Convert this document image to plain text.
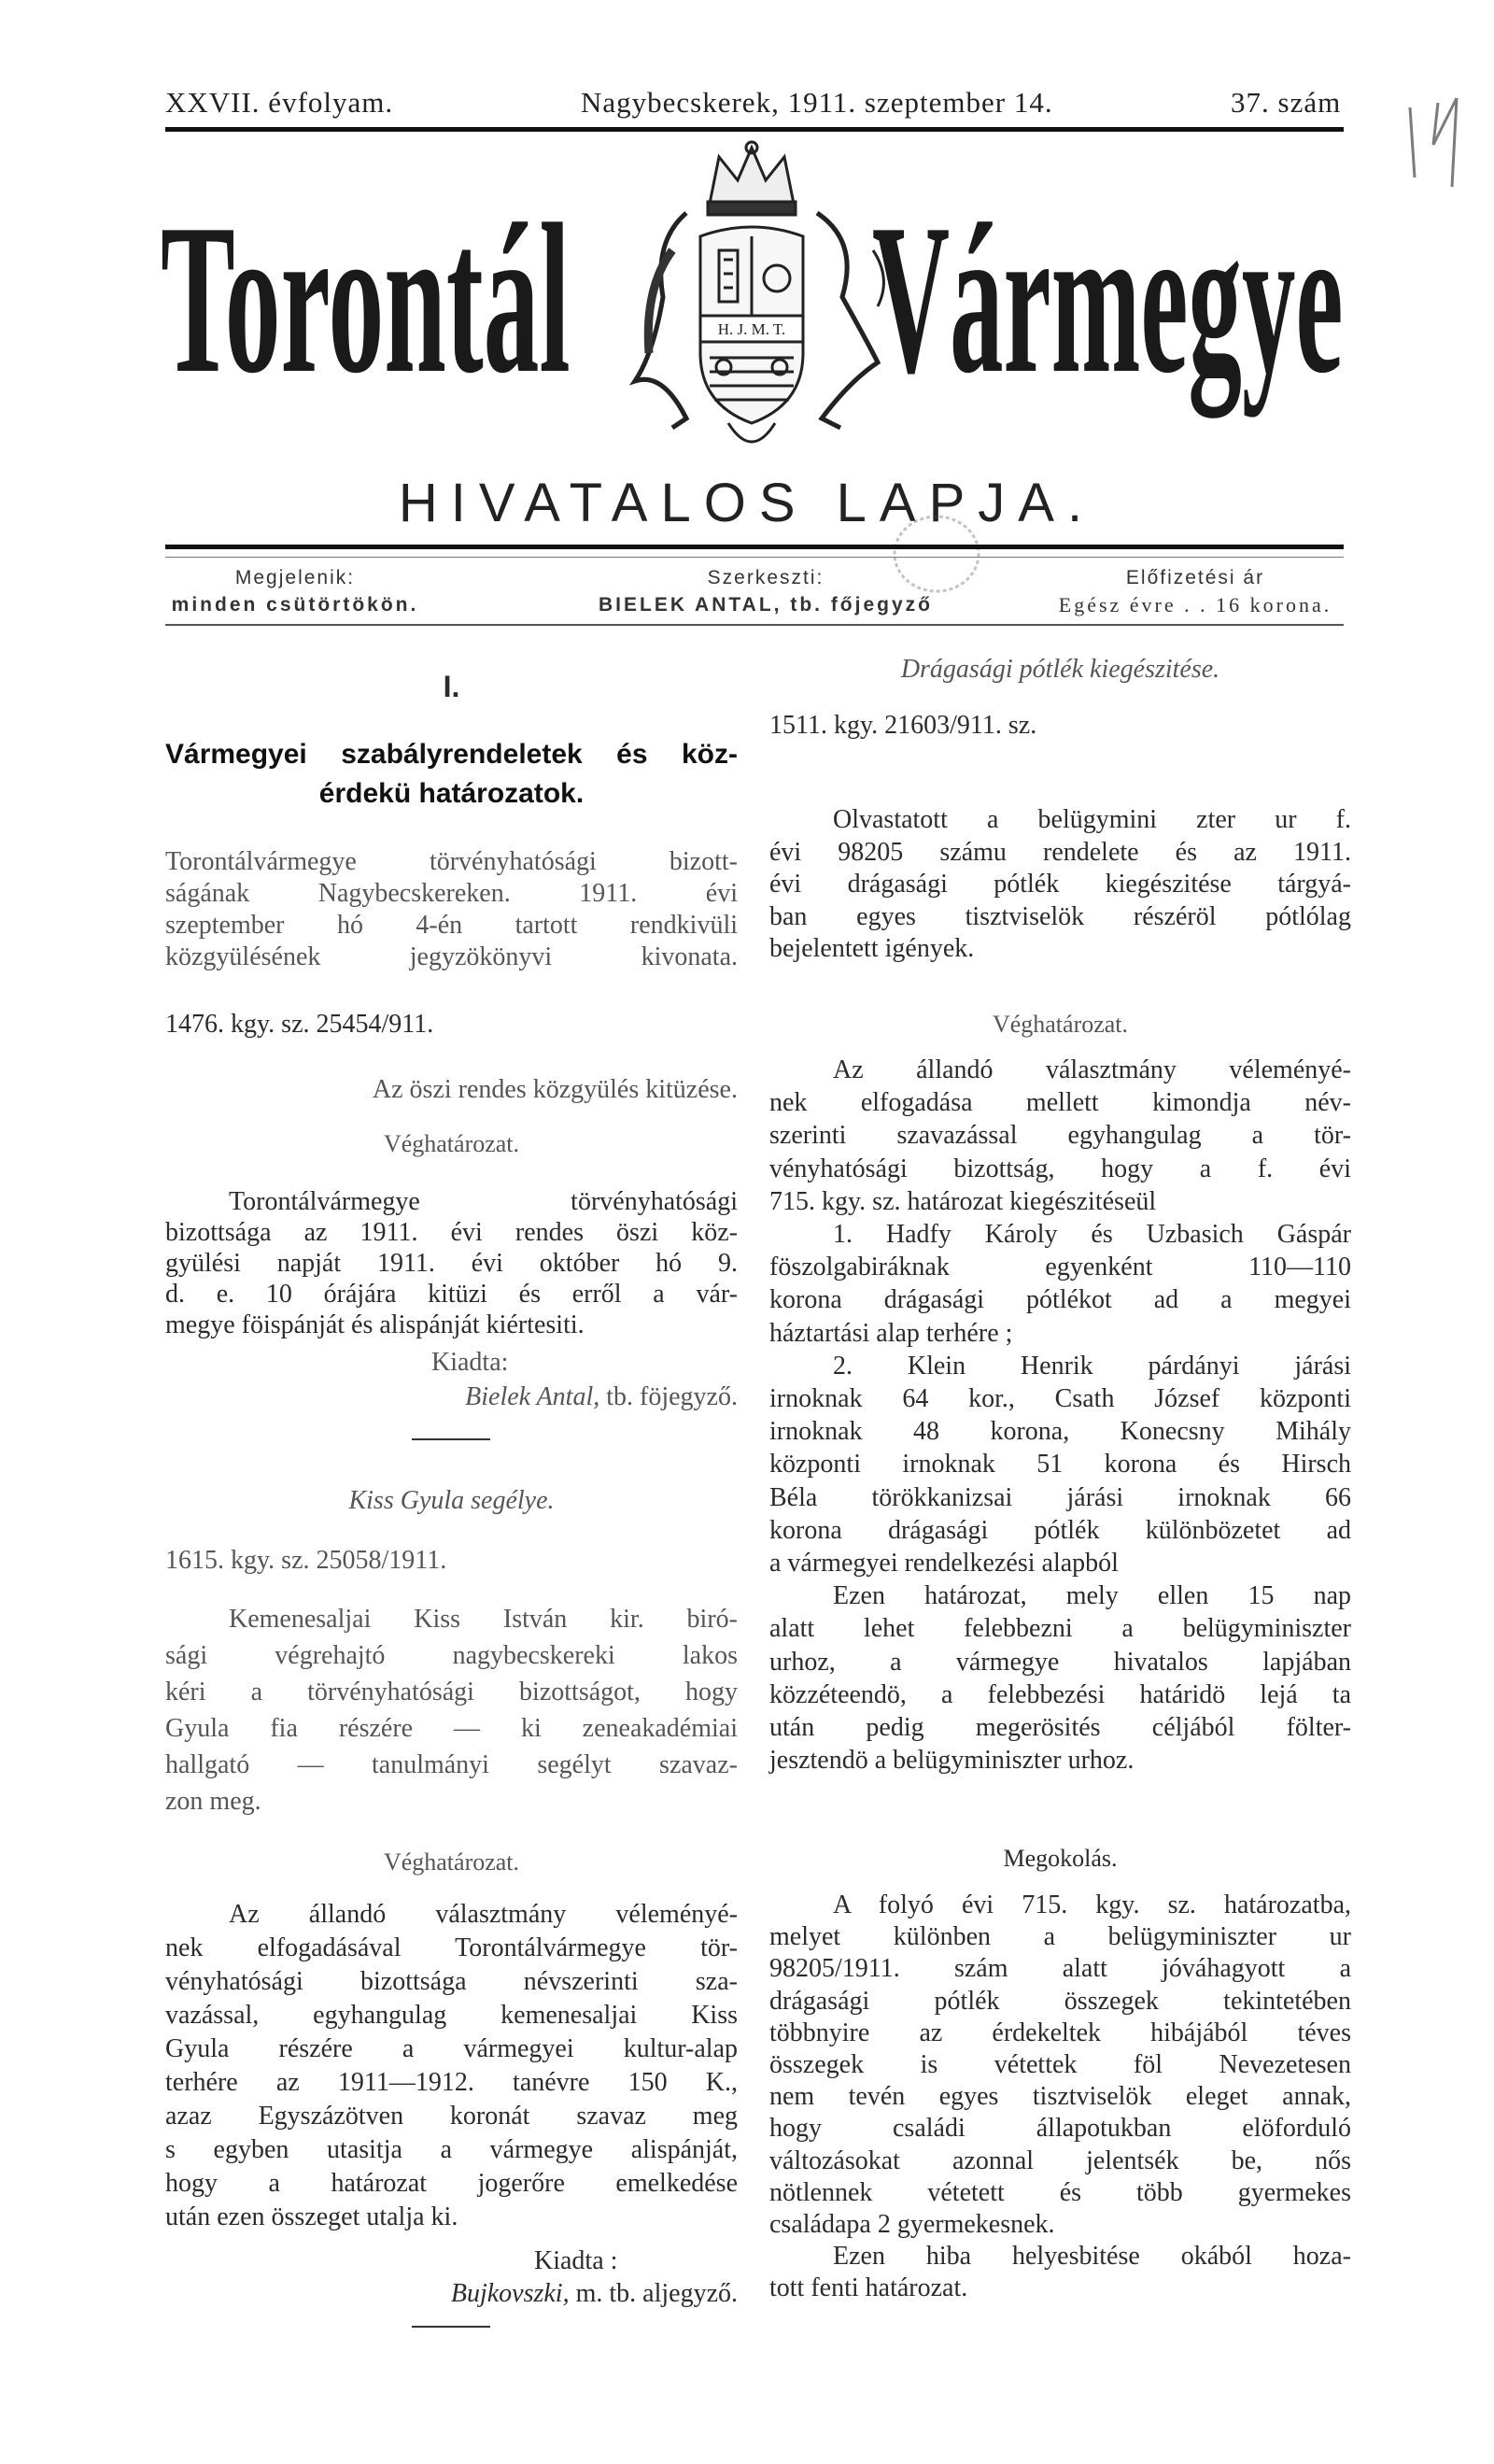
XXVII. évfolyam.	Nagybecskerek, 1911. szeptember 14.	37. szám
Torontál Vármegye
H. J. M. T.
HIVATALOS LAPJA.
Megjelenik:
minden csütörtökön.
Szerkeszti:
BIELEK ANTAL, tb. főjegyző
Előfizetési ár
Egész évre . . 16 korona.
I.
Vármegyei szabályrendeletek és köz-
érdekü határozatok.
Torontálvármegye törvényhatósági bizott-
ságának Nagybecskereken. 1911. évi
szeptember hó 4-én tartott rendkivüli
közgyülésének jegyzökönyvi kivonata.
1476. kgy. sz. 25454/911.
Az öszi rendes közgyülés kitüzése.
Véghatározat.
Torontálvármegye törvényhatósági
bizottsága az 1911. évi rendes öszi köz-
gyülési napját 1911. évi október hó 9.
d. e. 10 órájára kitüzi és erről a vár-
megye föispánját és alispánját kiértesiti.
Kiadta:
Bielek Antal, tb. föjegyző.
Kiss Gyula segélye.
1615. kgy. sz. 25058/1911.
Kemenesaljai Kiss István kir. biró-
sági végrehajtó nagybecskereki lakos
kéri a törvényhatósági bizottságot, hogy
Gyula fia részére — ki zeneakadémiai
hallgató — tanulmányi segélyt szavaz-
zon meg.
Véghatározat.
Az állandó választmány véleményé-
nek elfogadásával Torontálvármegye tör-
vényhatósági bizottsága névszerinti sza-
vazással, egyhangulag kemenesaljai Kiss
Gyula részére a vármegyei kultur-alap
terhére az 1911—1912. tanévre 150 K.,
azaz Egyszázötven koronát szavaz meg
s egyben utasitja a vármegye alispánját,
hogy a határozat jogerőre emelkedése
után ezen összeget utalja ki.
Kiadta :
Bujkovszki, m. tb. aljegyző.
Drágasági pótlék kiegészitése.
1511. kgy. 21603/911. sz.
Olvastatott a belügymini zter ur f.
évi 98205 számu rendelete és az 1911.
évi drágasági pótlék kiegészitése tárgyá-
ban egyes tisztviselök részéröl pótlólag
bejelentett igények.
Véghatározat.
Az állandó választmány véleményé-
nek elfogadása mellett kimondja név-
szerinti szavazással egyhangulag a tör-
vényhatósági bizottság, hogy a f. évi
715. kgy. sz. határozat kiegészitéseül
1. Hadfy Károly és Uzbasich Gáspár
föszolgabiráknak egyenként 110—110
korona drágasági pótlékot ad a megyei
háztartási alap terhére ;
2. Klein Henrik párdányi járási
irnoknak 64 kor., Csath József központi
irnoknak 48 korona, Konecsny Mihály
központi irnoknak 51 korona és Hirsch
Béla törökkanizsai járási irnoknak 66
korona drágasági pótlék különbözetet ad
a vármegyei rendelkezési alapból
Ezen határozat, mely ellen 15 nap
alatt lehet felebbezni a belügyminiszter
urhoz, a vármegye hivatalos lapjában
közzéteendö, a felebbezési határidö lejá ta
után pedig megerösités céljából fölter-
jesztendö a belügyminiszter urhoz.
Megokolás.
A folyó évi 715. kgy. sz. határozatba,
melyet különben a belügyminiszter ur
98205/1911. szám alatt jóváhagyott a
drágasági pótlék összegek tekintetében
többnyire az érdekeltek hibájából téves
összegek is vétettek föl Nevezetesen
nem tevén egyes tisztviselök eleget annak,
hogy családi állapotukban elöforduló
változásokat azonnal jelentsék be, nős
nötlennek vétetett és több gyermekes
családapa 2 gyermekesnek.
Ezen hiba helyesbitése okából hoza-
tott fenti határozat.
